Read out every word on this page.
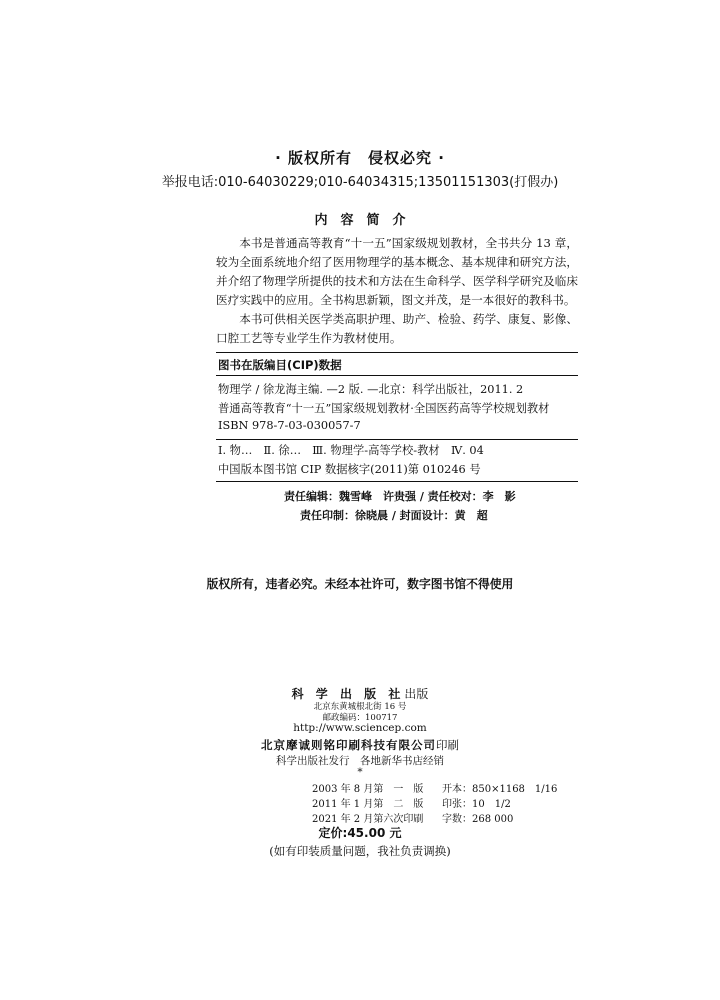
· 版权所有　侵权必究 ·
举报电话:010-64030229;010-64034315;13501151303(打假办)
内　容　简　介

本书是普通高等教育“十一五”国家级规划教材，全书共分 13 章，较为全面系统地介绍了医用物理学的基本概念、基本规律和研究方法，并介绍了物理学所提供的技术和方法在生命科学、医学科学研究及临床医疗实践中的应用。全书构思新颖，图文并茂，是一本很好的教科书。

本书可供相关医学类高职护理、助产、检验、药学、康复、影像、口腔工艺等专业学生作为教材使用。

图书在版编目(CIP)数据
物理学 / 徐龙海主编. —2 版. —北京：科学出版社，2011. 2
普通高等教育“十一五”国家级规划教材·全国医药高等学校规划教材
ISBN 978-7-03-030057-7
Ⅰ. 物…　Ⅱ. 徐…　Ⅲ. 物理学-高等学校-教材　Ⅳ. 04
中国版本图书馆 CIP 数据核字(2011)第 010246 号
责任编辑：魏雪峰　许贵强 / 责任校对：李　影
责任印制：徐晓晨 / 封面设计：黄　超
版权所有，违者必究。未经本社许可，数字图书馆不得使用
科 学 出 版 社出版
北京东黄城根北街 16 号
邮政编码：100717
http://www.sciencep.com
北京摩诚则铭印刷科技有限公司印刷
科学出版社发行　各地新华书店经销
*
2003 年 8 月第　一　版 开本：850×1168　1/16
2011 年 1 月第　二　版 印张：10　1/2
2021 年 2 月第六次印刷 字数：268 000
定价:45.00 元
(如有印装质量问题，我社负责调换)
